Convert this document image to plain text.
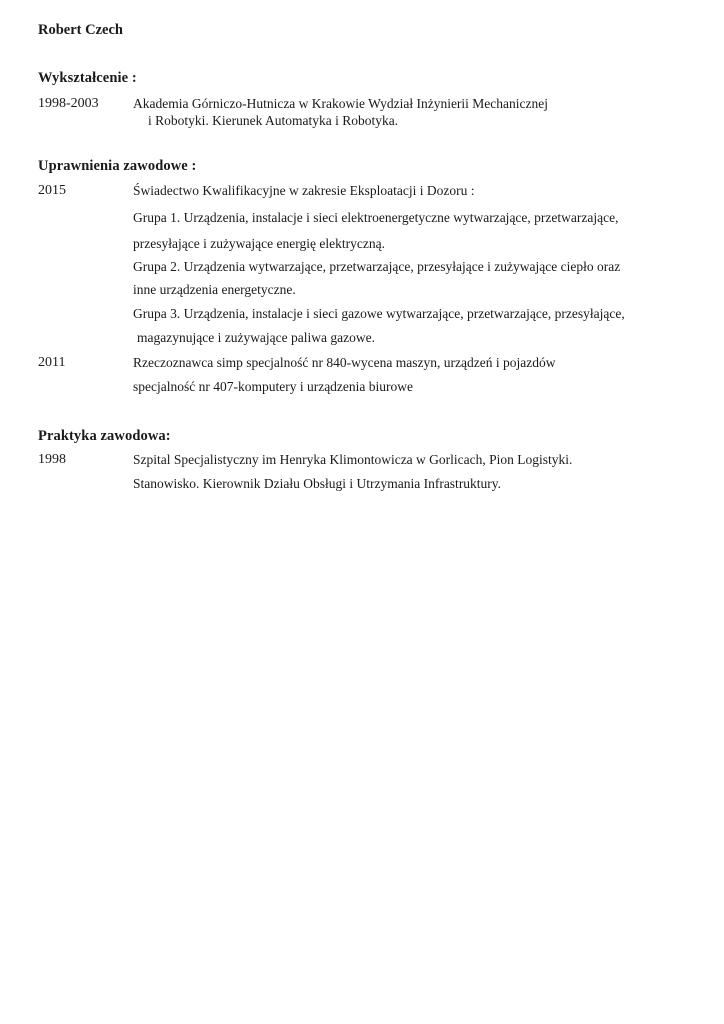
Robert Czech
Wykształcenie :

1998-2003	Akademia Górniczo-Hutnicza w Krakowie Wydział Inżynierii Mechanicznej

i Robotyki. Kierunek Automatyka i Robotyka.

Uprawnienia zawodowe :

2015	Świadectwo Kwalifikacyjne w zakresie Eksploatacji i Dozoru :

Grupa 1. Urządzenia, instalacje i sieci elektroenergetyczne wytwarzające, przetwarzające,

przesyłające i zużywające energię elektryczną.

Grupa 2. Urządzenia wytwarzające, przetwarzające, przesyłające i zużywające ciepło oraz

inne urządzenia energetyczne.

Grupa 3. Urządzenia, instalacje i sieci gazowe wytwarzające, przetwarzające, przesyłające,

magazynujące i zużywające paliwa gazowe.

2011	Rzeczoznawca simp specjalność nr 840-wycena maszyn, urządzeń i pojazdów

specjalność nr 407-komputery i urządzenia biurowe

Praktyka zawodowa:

1998	Szpital Specjalistyczny im Henryka Klimontowicza w Gorlicach, Pion Logistyki.

Stanowisko. Kierownik Działu Obsługi i Utrzymania Infrastruktury.
